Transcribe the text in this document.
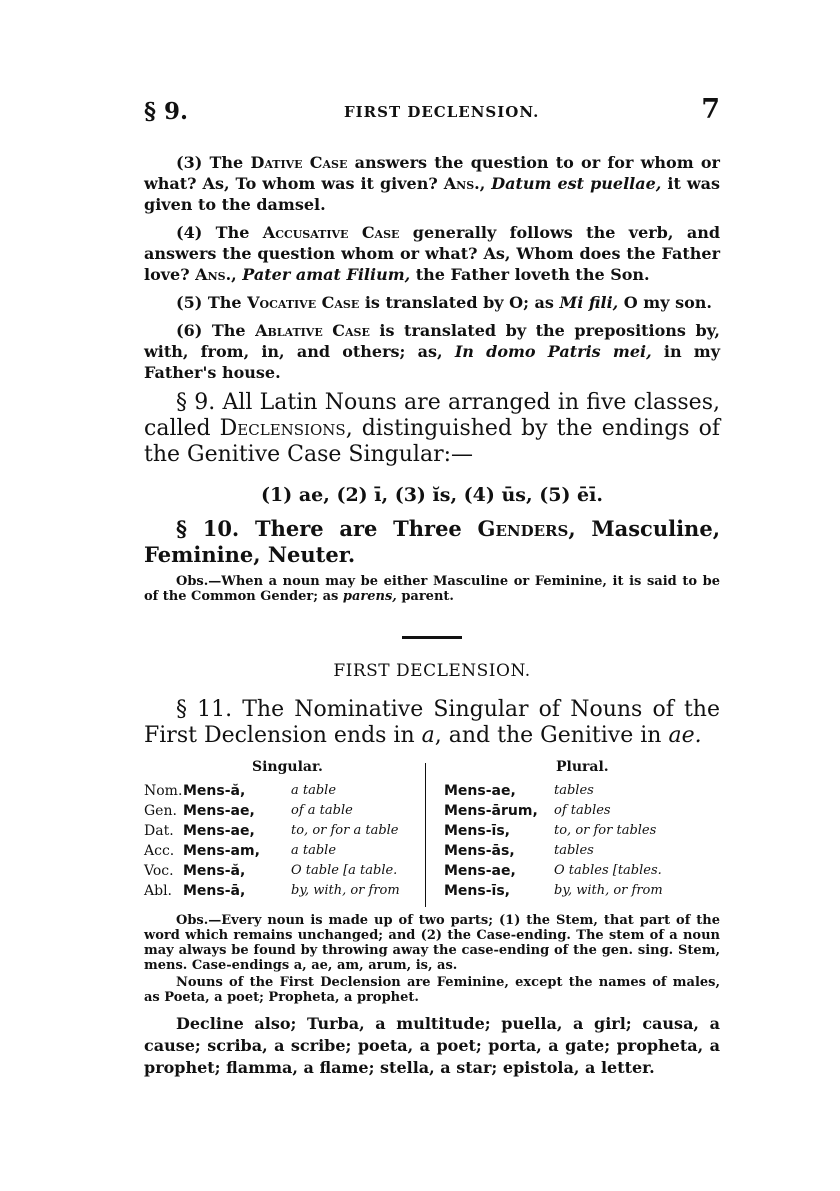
§ 9.	FIRST DECLENSION.	7

(3) The Dative Case answers the question to or for whom or what? As, To whom was it given? Ans., Datum est puellae, it was given to the damsel.

(4) The Accusative Case generally follows the verb, and answers the question whom or what? As, Whom does the Father love? Ans., Pater amat Filium, the Father loveth the Son.

(5) The Vocative Case is translated by O; as Mi fili, O my son.

(6) The Ablative Case is translated by the prepositions by, with, from, in, and others; as, In domo Patris mei, in my Father's house.

§ 9. All Latin Nouns are arranged in five classes, called Declensions, distinguished by the endings of the Genitive Case Singular:—

(1) ae, (2) ī, (3) ĭs, (4) ūs, (5) ēī.

§ 10. There are Three Genders, Masculine, Feminine, Neuter.

Obs.—When a noun may be either Masculine or Feminine, it is said to be of the Common Gender; as parens, parent.

FIRST DECLENSION.

§ 11. The Nominative Singular of Nouns of the First Declension ends in a, and the Genitive in ae.

Singular.	Plural.
Nom. Mens-ă,	a table	Mens-ae,	tables
Gen. Mens-ae,	of a table	Mens-ārum, of tables
Dat. Mens-ae,	to, or for a table	Mens-īs,	to, or for tables
Acc. Mens-am, a table	Mens-ās,	tables
Voc. Mens-ă,	O table [a table.	Mens-ae,	O tables [tables.
Abl. Mens-ā,	by, with, or from	Mens-īs,	by, with, or from

Obs.—Every noun is made up of two parts; (1) the Stem, that part of the word which remains unchanged; and (2) the Case-ending. The stem of a noun may always be found by throwing away the case-ending of the gen. sing. Stem, mens. Case-endings a, ae, am, arum, is, as.

Nouns of the First Declension are Feminine, except the names of males, as Poeta, a poet; Propheta, a prophet.

Decline also; Turba, a multitude; puella, a girl; causa, a cause; scriba, a scribe; poeta, a poet; porta, a gate; propheta, a prophet; flamma, a flame; stella, a star; epistola, a letter.
